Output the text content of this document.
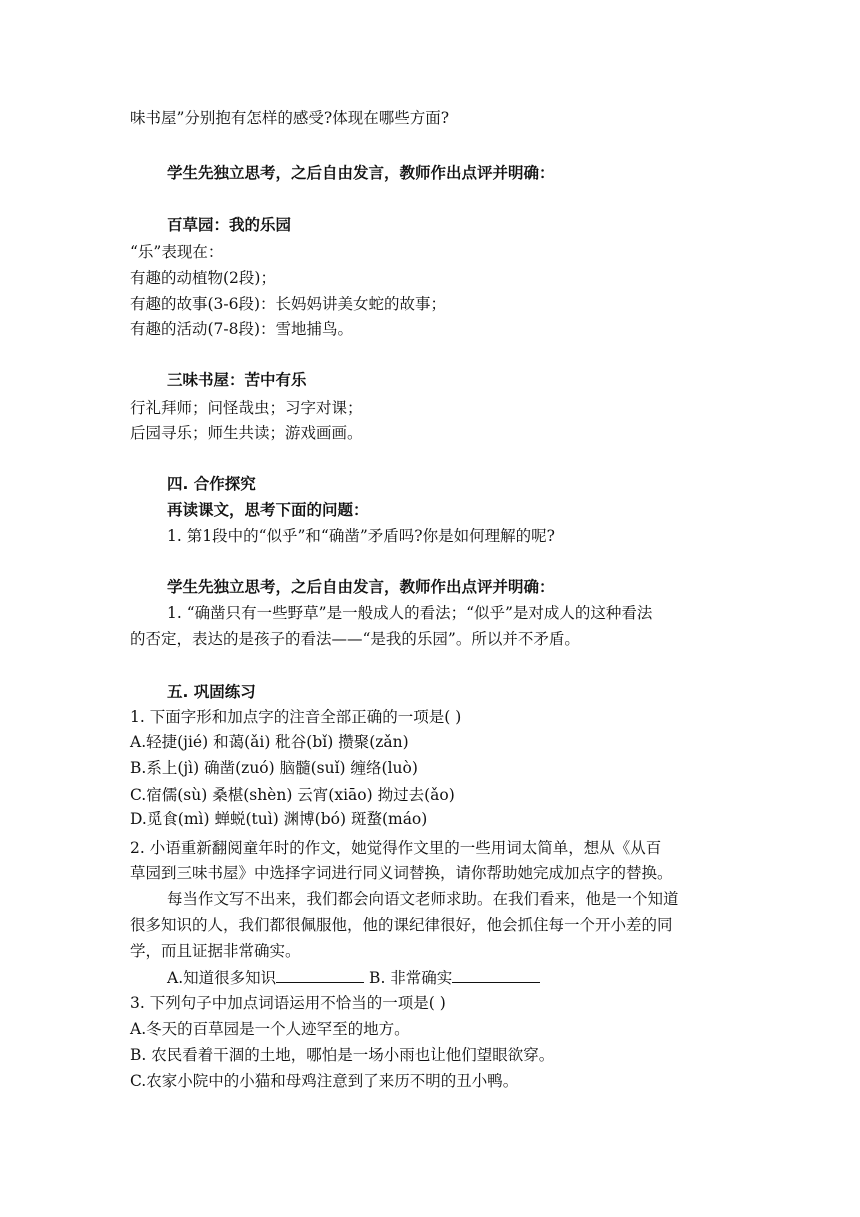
味书屋”分别抱有怎样的感受?体现在哪些方面?
学生先独立思考，之后自由发言，教师作出点评并明确：
百草园：我的乐园
“乐”表现在：
有趣的动植物(2段)；
有趣的故事(3-6段)：长妈妈讲美女蛇的故事；
有趣的活动(7-8段)：雪地捕鸟。
三味书屋：苦中有乐
行礼拜师；问怪哉虫；习字对课；
后园寻乐；师生共读；游戏画画。
四. 合作探究
再读课文，思考下面的问题：
1. 第1段中的“似乎”和“确凿”矛盾吗?你是如何理解的呢?
学生先独立思考，之后自由发言，教师作出点评并明确：
1. “确凿只有一些野草”是一般成人的看法；“似乎”是对成人的这种看法
的否定，表达的是孩子的看法——“是我的乐园”。所以并不矛盾。
五. 巩固练习
1. 下面字形和加点字的注音全部正确的一项是( )
A.轻捷(jié) 和蔼(ǎi) 秕谷(bǐ) 攒聚(zǎn)
B.系上(jì) 确凿(zuó) 脑髓(suǐ) 缠络(luò)
C.宿儒(sù) 桑椹(shèn) 云宵(xiāo) 拗过去(ǎo)
D.觅食(mì) 蝉蜕(tuì) 渊博(bó) 斑蝥(máo)
2. 小语重新翻阅童年时的作文，她觉得作文里的一些用词太简单，想从《从百
草园到三味书屋》中选择字词进行同义词替换，请你帮助她完成加点字的替换。
每当作文写不出来，我们都会向语文老师求助。在我们看来，他是一个知道
很多知识的人，我们都很佩服他，他的课纪律很好，他会抓住每一个开小差的同
学，而且证据非常确实。
A.知道很多知识	B. 非常确实
3. 下列句子中加点词语运用不恰当的一项是( )
A.冬天的百草园是一个人迹罕至的地方。
B. 农民看着干涸的土地，哪怕是一场小雨也让他们望眼欲穿。
C.农家小院中的小猫和母鸡注意到了来历不明的丑小鸭。
